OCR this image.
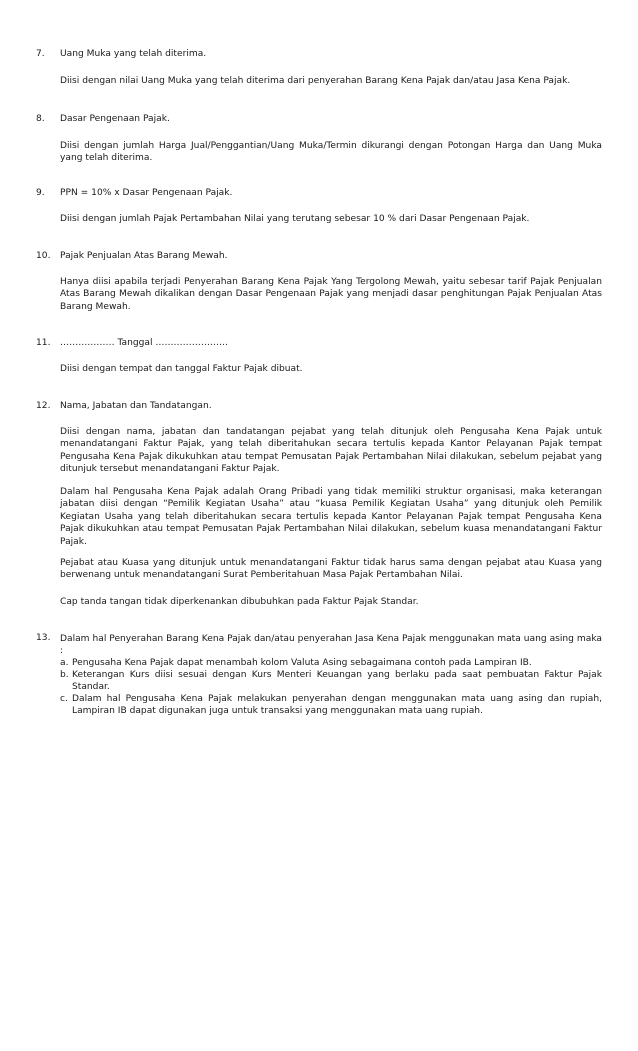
7.	Uang Muka yang telah diterima.
Diisi dengan nilai Uang Muka yang telah diterima dari penyerahan Barang Kena Pajak dan/atau Jasa Kena Pajak.
8.	Dasar Pengenaan Pajak.
Diisi dengan jumlah Harga Jual/Penggantian/Uang Muka/Termin dikurangi dengan Potongan Harga dan Uang Muka yang telah diterima.
9.	PPN = 10% x Dasar Pengenaan Pajak.
Diisi dengan jumlah Pajak Pertambahan Nilai yang terutang sebesar 10 % dari Dasar Pengenaan Pajak.
10.	Pajak Penjualan Atas Barang Mewah.
Hanya diisi apabila terjadi Penyerahan Barang Kena Pajak Yang Tergolong Mewah, yaitu sebesar tarif Pajak Penjualan Atas Barang Mewah dikalikan dengan Dasar Pengenaan Pajak yang menjadi dasar penghitungan Pajak Penjualan Atas Barang Mewah.
11.	……………… Tanggal ……………………
Diisi dengan tempat dan tanggal Faktur Pajak dibuat.
12.	Nama, Jabatan dan Tandatangan.
Diisi dengan nama, jabatan dan tandatangan pejabat yang telah ditunjuk oleh Pengusaha Kena Pajak untuk menandatangani Faktur Pajak, yang telah diberitahukan secara tertulis kepada Kantor Pelayanan Pajak tempat Pengusaha Kena Pajak dikukuhkan atau tempat Pemusatan Pajak Pertambahan Nilai dilakukan, sebelum pejabat yang ditunjuk tersebut menandatangani Faktur Pajak.
Dalam hal Pengusaha Kena Pajak adalah Orang Pribadi yang tidak memiliki struktur organisasi, maka keterangan jabatan diisi dengan “Pemilik Kegiatan Usaha” atau “kuasa Pemilik Kegiatan Usaha” yang ditunjuk oleh Pemilik Kegiatan Usaha yang telah diberitahukan secara tertulis kepada Kantor Pelayanan Pajak tempat Pengusaha Kena Pajak dikukuhkan atau tempat Pemusatan Pajak Pertambahan Nilai dilakukan, sebelum kuasa menandatangani Faktur Pajak.
Pejabat atau Kuasa yang ditunjuk untuk menandatangani Faktur tidak harus sama dengan pejabat atau Kuasa yang berwenang untuk menandatangani Surat Pemberitahuan Masa Pajak Pertambahan Nilai.
Cap tanda tangan tidak diperkenankan dibubuhkan pada Faktur Pajak Standar.
13.	Dalam hal Penyerahan Barang Kena Pajak dan/atau penyerahan Jasa Kena Pajak menggunakan mata uang asing maka :
a. Pengusaha Kena Pajak dapat menambah kolom Valuta Asing sebagaimana contoh pada Lampiran IB.
b. Keterangan Kurs diisi sesuai dengan Kurs Menteri Keuangan yang berlaku pada saat pembuatan Faktur Pajak Standar.
c. Dalam hal Pengusaha Kena Pajak melakukan penyerahan dengan menggunakan mata uang asing dan rupiah, Lampiran IB dapat digunakan juga untuk transaksi yang menggunakan mata uang rupiah.
